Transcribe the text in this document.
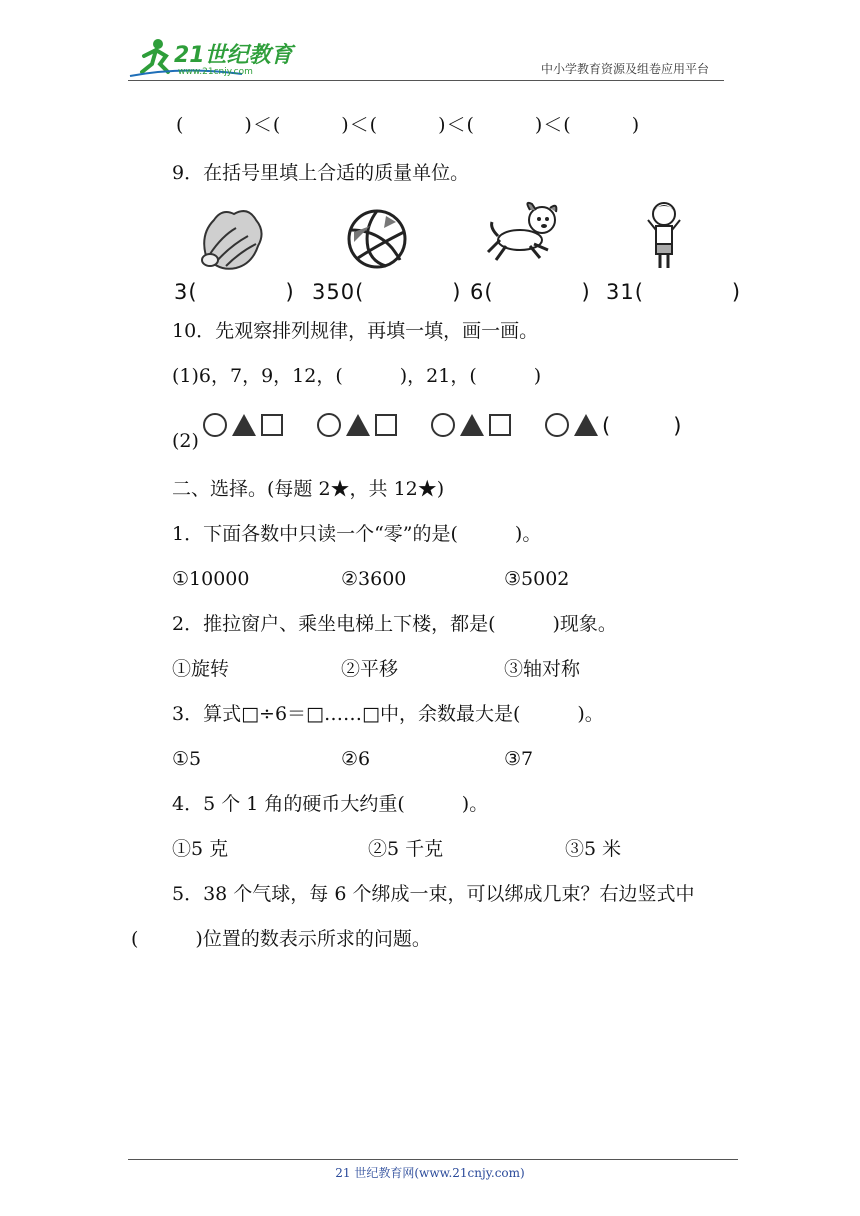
21世纪教育
www.21cnjy.com	中小学教育资源及组卷应用平台
(　　　)＜(　　　)＜(　　　)＜(　　　)＜(　　　)
9．在括号里填上合适的质量单位。
3(　　　　) 350(　　　　) 6(　　　　) 31(　　　　)
10．先观察排列规律，再填一填，画一画。
(1)6，7，9，12，(　　　)，21，(　　　)
(2)
(　　　)
二、选择。(每题 2★，共 12★)
1．下面各数中只读一个“零”的是(　　　)。
①10000	②3600	③5002
2．推拉窗户、乘坐电梯上下楼，都是(　　　)现象。
①旋转	②平移	③轴对称
3．算式□÷6＝□……□中，余数最大是(　　　)。
①5	②6	③7
4．5 个 1 角的硬币大约重(　　　)。
①5 克	②5 千克	③5 米
5．38 个气球，每 6 个绑成一束，可以绑成几束？右边竖式中
(　　　)位置的数表示所求的问题。
21 世纪教育网(www.21cnjy.com)
